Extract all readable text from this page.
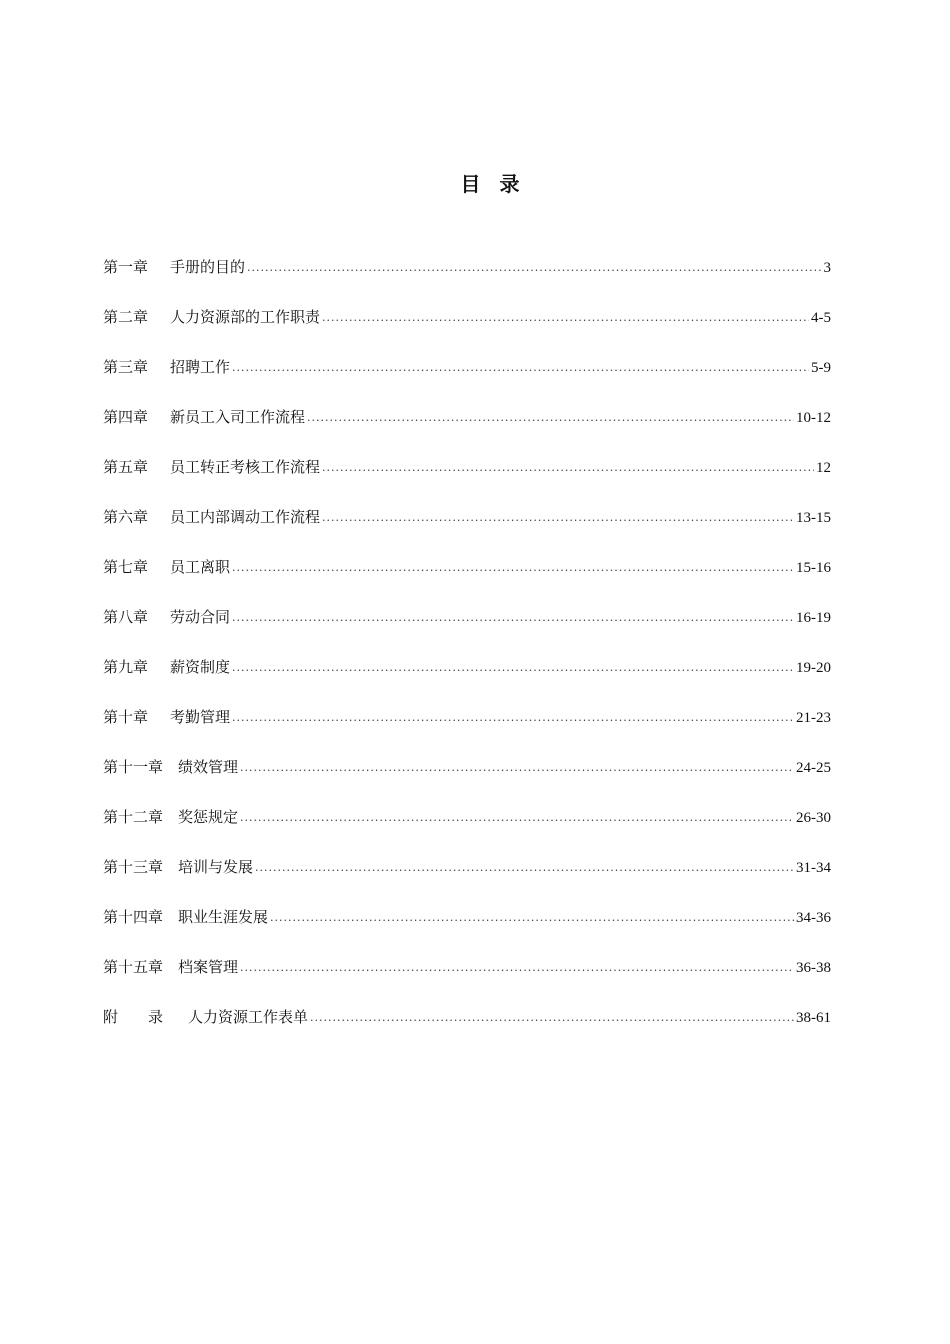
目 录
第一章	手册的目的 .....	3
第二章	人力资源部的工作职责 .....	4-5
第三章	招聘工作 .....	5-9
第四章	新员工入司工作流程 .....	10-12
第五章	员工转正考核工作流程 .....	12
第六章	员工内部调动工作流程 .....	13-15
第七章	员工离职 .....	15-16
第八章	劳动合同 .....	16-19
第九章	薪资制度 .....	19-20
第十章	考勤管理 .....	21-23
第十一章 绩效管理 .....	24-25
第十二章 奖惩规定 .....	26-30
第十三章 培训与发展 .....	31-34
第十四章 职业生涯发展 .....	34-36
第十五章 档案管理 .....	36-38
附　　录	人力资源工作表单 .....	38-61
